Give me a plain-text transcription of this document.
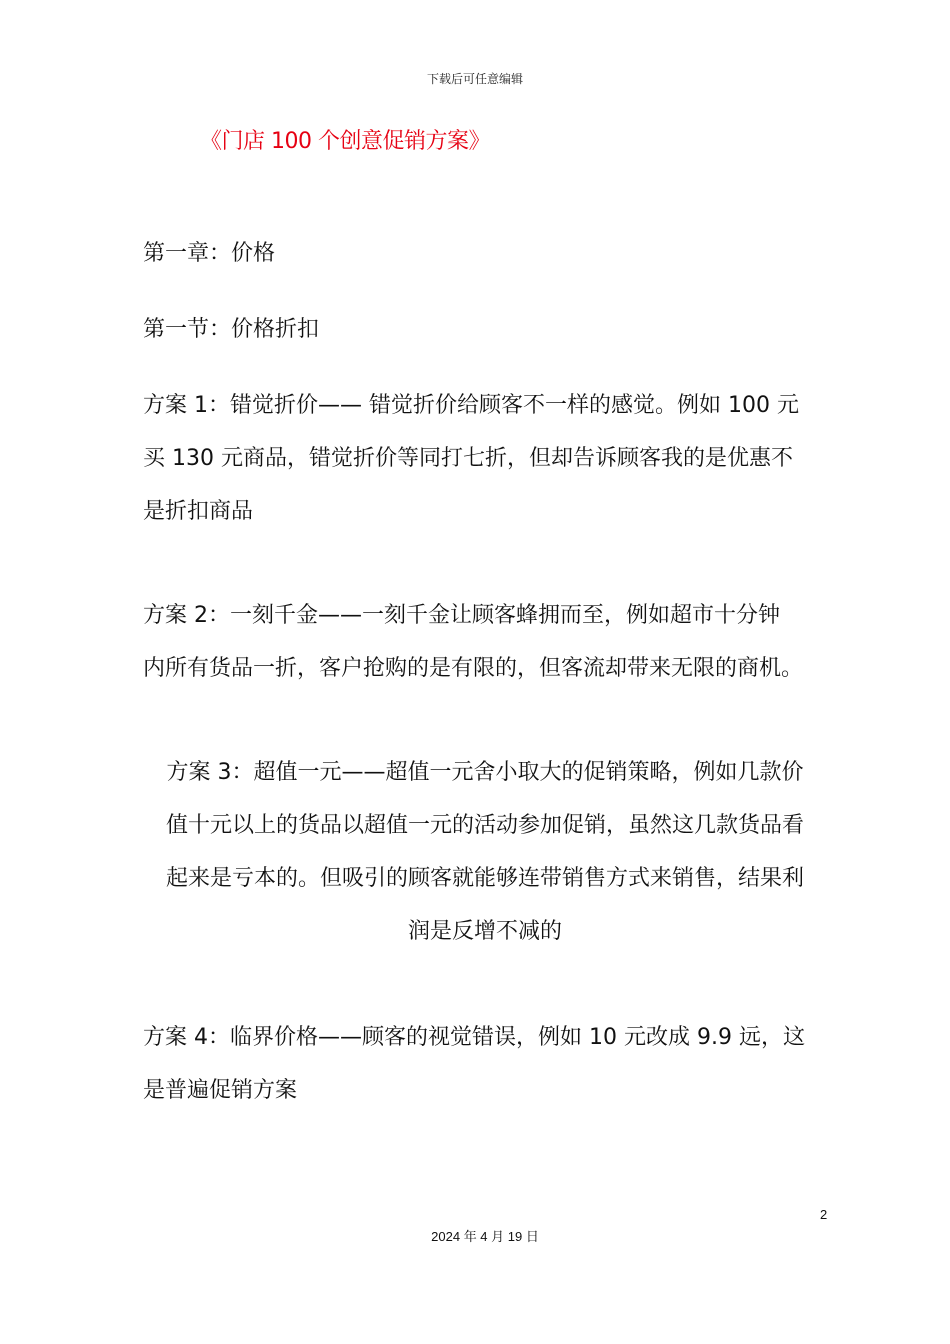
下载后可任意编辑
《门店 100 个创意促销方案》
第一章：价格
第一节：价格折扣
方案 1：错觉折价—— 错觉折价给顾客不一样的感觉。例如 100 元
买 130 元商品，错觉折价等同打七折，但却告诉顾客我的是优惠不
是折扣商品
方案 2：一刻千金——一刻千金让顾客蜂拥而至，例如超市十分钟
内所有货品一折，客户抢购的是有限的，但客流却带来无限的商机。
方案 3：超值一元——超值一元舍小取大的促销策略，例如几款价
值十元以上的货品以超值一元的活动参加促销，虽然这几款货品看
起来是亏本的。但吸引的顾客就能够连带销售方式来销售，结果利
润是反增不减的
方案 4：临界价格——顾客的视觉错误，例如 10 元改成 9.9 远，这
是普遍促销方案
2
2024 年 4 月 19 日
